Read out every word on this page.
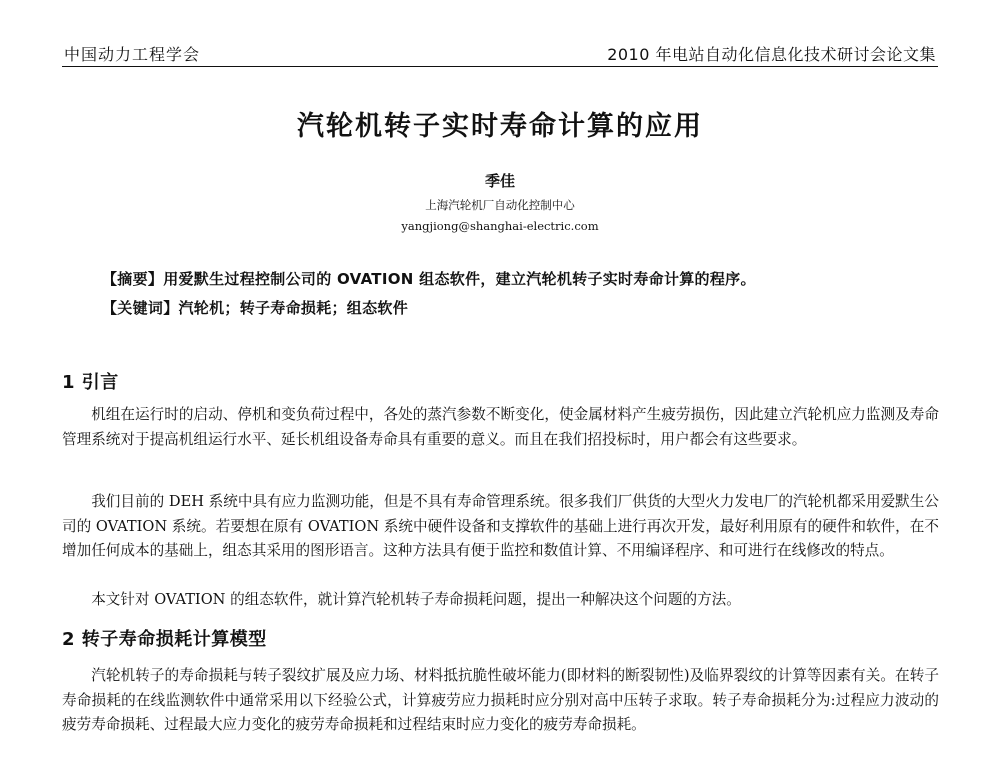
中国动力工程学会	2010 年电站自动化信息化技术研讨会论文集
汽轮机转子实时寿命计算的应用
季佳
上海汽轮机厂自动化控制中心
yangjiong@shanghai-electric.com
【摘要】用爱默生过程控制公司的 OVATION 组态软件，建立汽轮机转子实时寿命计算的程序。
【关键词】汽轮机；转子寿命损耗；组态软件
1 引言

机组在运行时的启动、停机和变负荷过程中，各处的蒸汽参数不断变化，使金属材料产生疲劳损伤，因此建立汽轮机应力监测及寿命管理系统对于提高机组运行水平、延长机组设备寿命具有重要的意义。而且在我们招投标时，用户都会有这些要求。

我们目前的 DEH 系统中具有应力监测功能，但是不具有寿命管理系统。很多我们厂供货的大型火力发电厂的汽轮机都采用爱默生公司的 OVATION 系统。若要想在原有 OVATION 系统中硬件设备和支撑软件的基础上进行再次开发，最好利用原有的硬件和软件，在不增加任何成本的基础上，组态其采用的图形语言。这种方法具有便于监控和数值计算、不用编译程序、和可进行在线修改的特点。

本文针对 OVATION 的组态软件，就计算汽轮机转子寿命损耗问题，提出一种解决这个问题的方法。

2 转子寿命损耗计算模型

汽轮机转子的寿命损耗与转子裂纹扩展及应力场、材料抵抗脆性破坏能力(即材料的断裂韧性)及临界裂纹的计算等因素有关。在转子寿命损耗的在线监测软件中通常采用以下经验公式，计算疲劳应力损耗时应分别对高中压转子求取。转子寿命损耗分为:过程应力波动的疲劳寿命损耗、过程最大应力变化的疲劳寿命损耗和过程结束时应力变化的疲劳寿命损耗。
